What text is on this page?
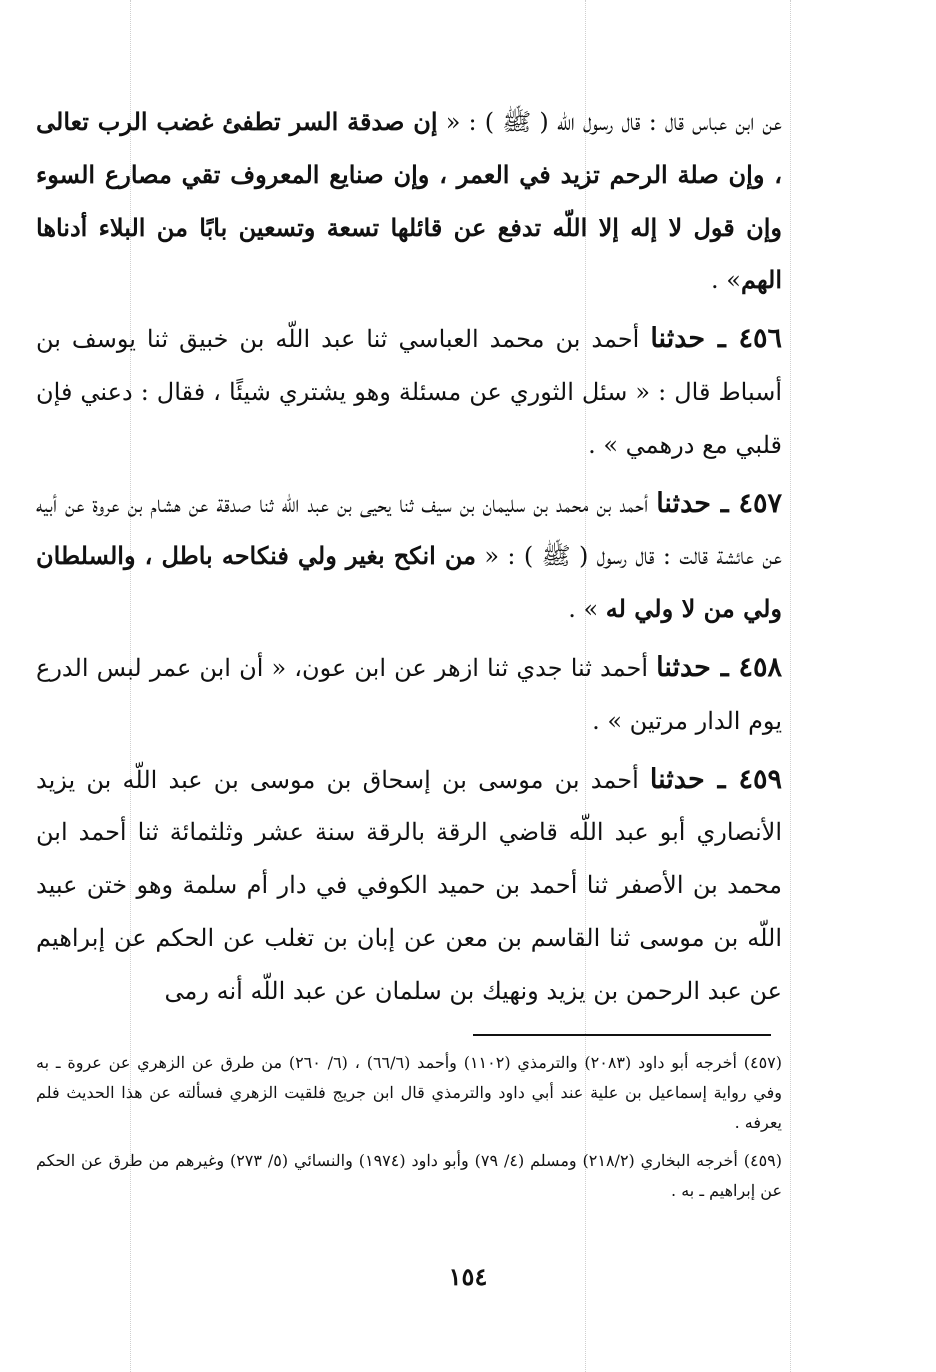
عن ابن عباس قال : قال رسول اللّه ( ﷺ ) : « إن صدقة السر تطفئ غضب الرب تعالى ، وإن صلة الرحم تزيد في العمر ، وإن صنايع المعروف تقي مصارع السوء وإن قول لا إله إلا اللّه تدفع عن قائلها تسعة وتسعين بابًا من البلاء أدناها الهم» .

٤٥٦ ـ حدثنا أحمد بن محمد العباسي ثنا عبد اللّه بن خبيق ثنا يوسف بن أسباط قال : « سئل الثوري عن مسئلة وهو يشتري شيئًا ، فقال : دعني فإن قلبي مع درهمي » .

٤٥٧ ـ حدثنا أحمد بن محمد بن سليمان بن سيف ثنا يحيى بن عبد اللّه ثنا صدقة عن هشام بن عروة عن أبيه عن عائشة قالت : قال رسول ( ﷺ ) : « من انكح بغير ولي فنكاحه باطل ، والسلطان ولي من لا ولي له » .

٤٥٨ ـ حدثنا أحمد ثنا جدي ثنا ازهر عن ابن عون، « أن ابن عمر لبس الدرع يوم الدار مرتين » .

٤٥٩ ـ حدثنا أحمد بن موسى بن إسحاق بن موسى بن عبد اللّه بن يزيد الأنصاري أبو عبد اللّه قاضي الرقة بالرقة سنة عشر وثلثمائة ثنا أحمد ابن محمد بن الأصفر ثنا أحمد بن حميد الكوفي في دار أم سلمة وهو ختن عبيد اللّه بن موسى ثنا القاسم بن معن عن إبان بن تغلب عن الحكم عن إبراهيم عن عبد الرحمن بن يزيد ونهيك بن سلمان عن عبد اللّه أنه رمى

(٤٥٧) أخرجه أبو داود (٢٠٨٣) والترمذي (١١٠٢) وأحمد (٦٦/٦) ، (٦/ ٢٦٠) من طرق عن الزهري عن عروة ـ به وفي رواية إسماعيل بن علية عند أبي داود والترمذي قال ابن جريج فلقيت الزهري فسألته عن هذا الحديث فلم يعرفه .

(٤٥٩) أخرجه البخاري (٢١٨/٢) ومسلم (٤/ ٧٩) وأبو داود (١٩٧٤) والنسائي (٥/ ٢٧٣) وغيرهم من طرق عن الحكم عن إبراهيم ـ به .

١٥٤
